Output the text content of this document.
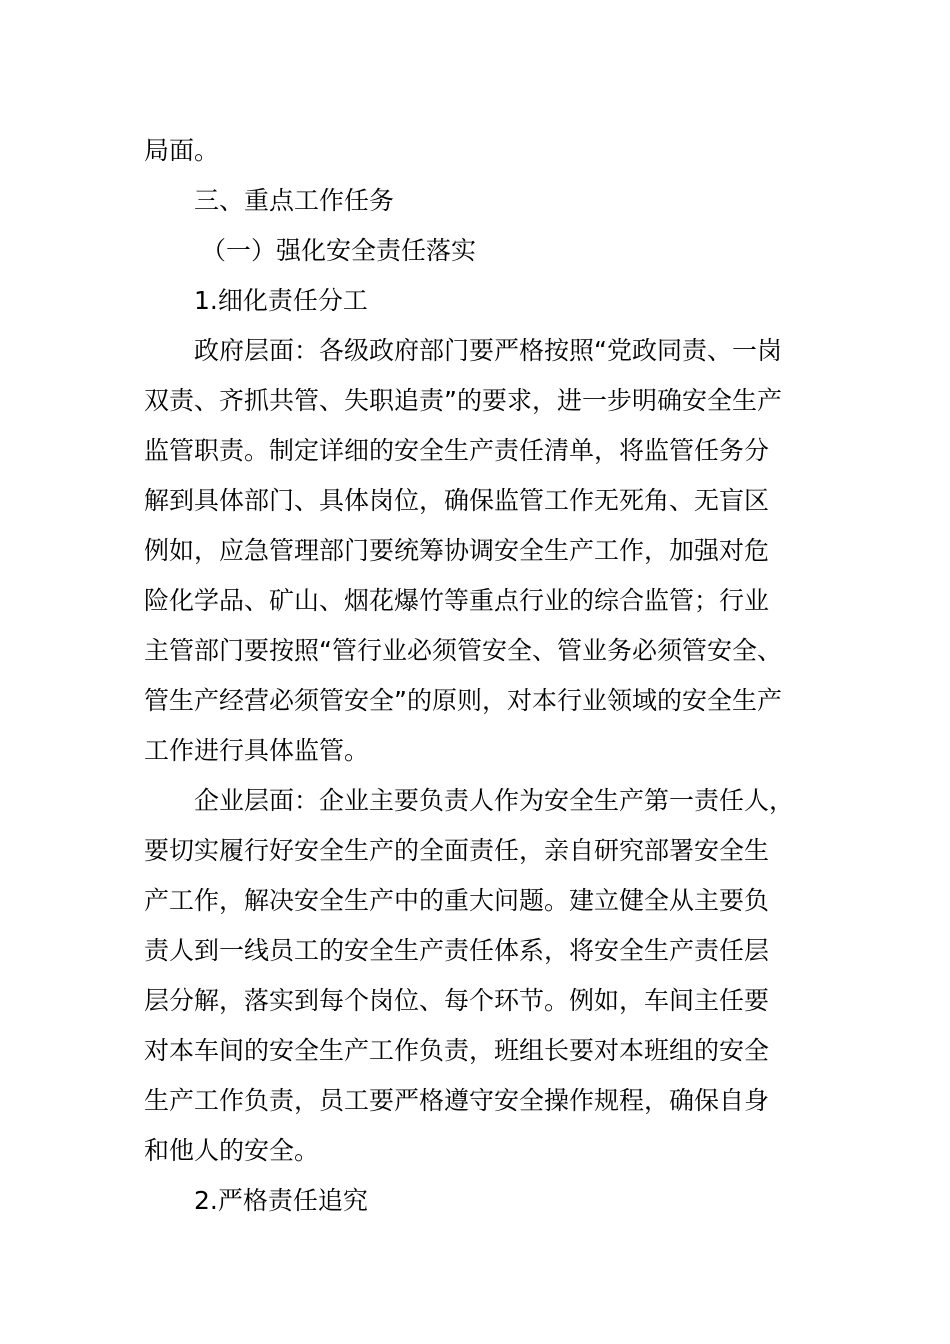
局面。
三、重点工作任务
（一）强化安全责任落实
1.细化责任分工
政府层面：各级政府部门要严格按照“党政同责、一岗
双责、齐抓共管、失职追责”的要求，进一步明确安全生产
监管职责。制定详细的安全生产责任清单，将监管任务分
解到具体部门、具体岗位，确保监管工作无死角、无盲区
例如，应急管理部门要统筹协调安全生产工作，加强对危
险化学品、矿山、烟花爆竹等重点行业的综合监管；行业
主管部门要按照“管行业必须管安全、管业务必须管安全、
管生产经营必须管安全”的原则，对本行业领域的安全生产
工作进行具体监管。
企业层面：企业主要负责人作为安全生产第一责任人，
要切实履行好安全生产的全面责任，亲自研究部署安全生
产工作，解决安全生产中的重大问题。建立健全从主要负
责人到一线员工的安全生产责任体系，将安全生产责任层
层分解，落实到每个岗位、每个环节。例如，车间主任要
对本车间的安全生产工作负责，班组长要对本班组的安全
生产工作负责，员工要严格遵守安全操作规程，确保自身
和他人的安全。
2.严格责任追究
